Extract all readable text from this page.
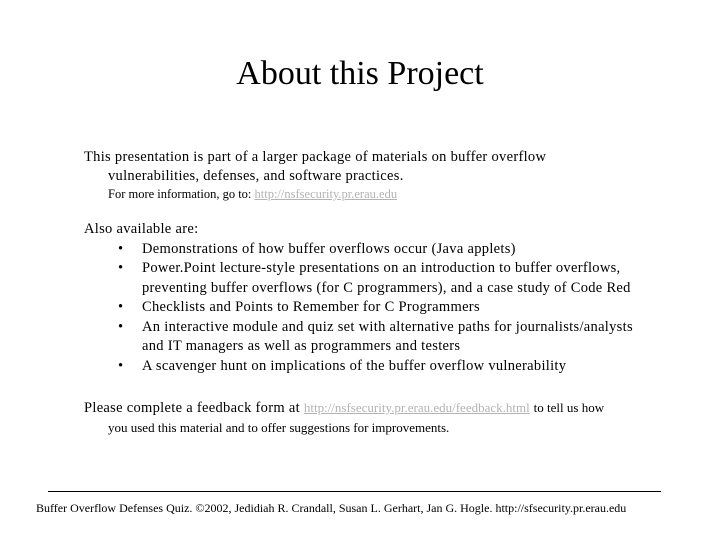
About this Project
This presentation is part of a larger package of materials on buffer overflow
vulnerabilities, defenses, and software practices.
For more information, go to: http://nsfsecurity.pr.erau.edu
Also available are:
• Demonstrations of how buffer overflows occur (Java applets)
• Power.Point lecture-style presentations on an introduction to buffer overflows,
preventing buffer overflows (for C programmers), and a case study of Code Red
• Checklists and Points to Remember for C Programmers
• An interactive module and quiz set with alternative paths for journalists/analysts
and IT managers as well as programmers and testers
• A scavenger hunt on implications of the buffer overflow vulnerability
Please complete a feedback form at http://nsfsecurity.pr.erau.edu/feedback.html to tell us how
you used this material and to offer suggestions for improvements.
Buffer Overflow Defenses Quiz. ©2002, Jedidiah R. Crandall, Susan L. Gerhart, Jan G. Hogle. http://sfsecurity.pr.erau.edu
